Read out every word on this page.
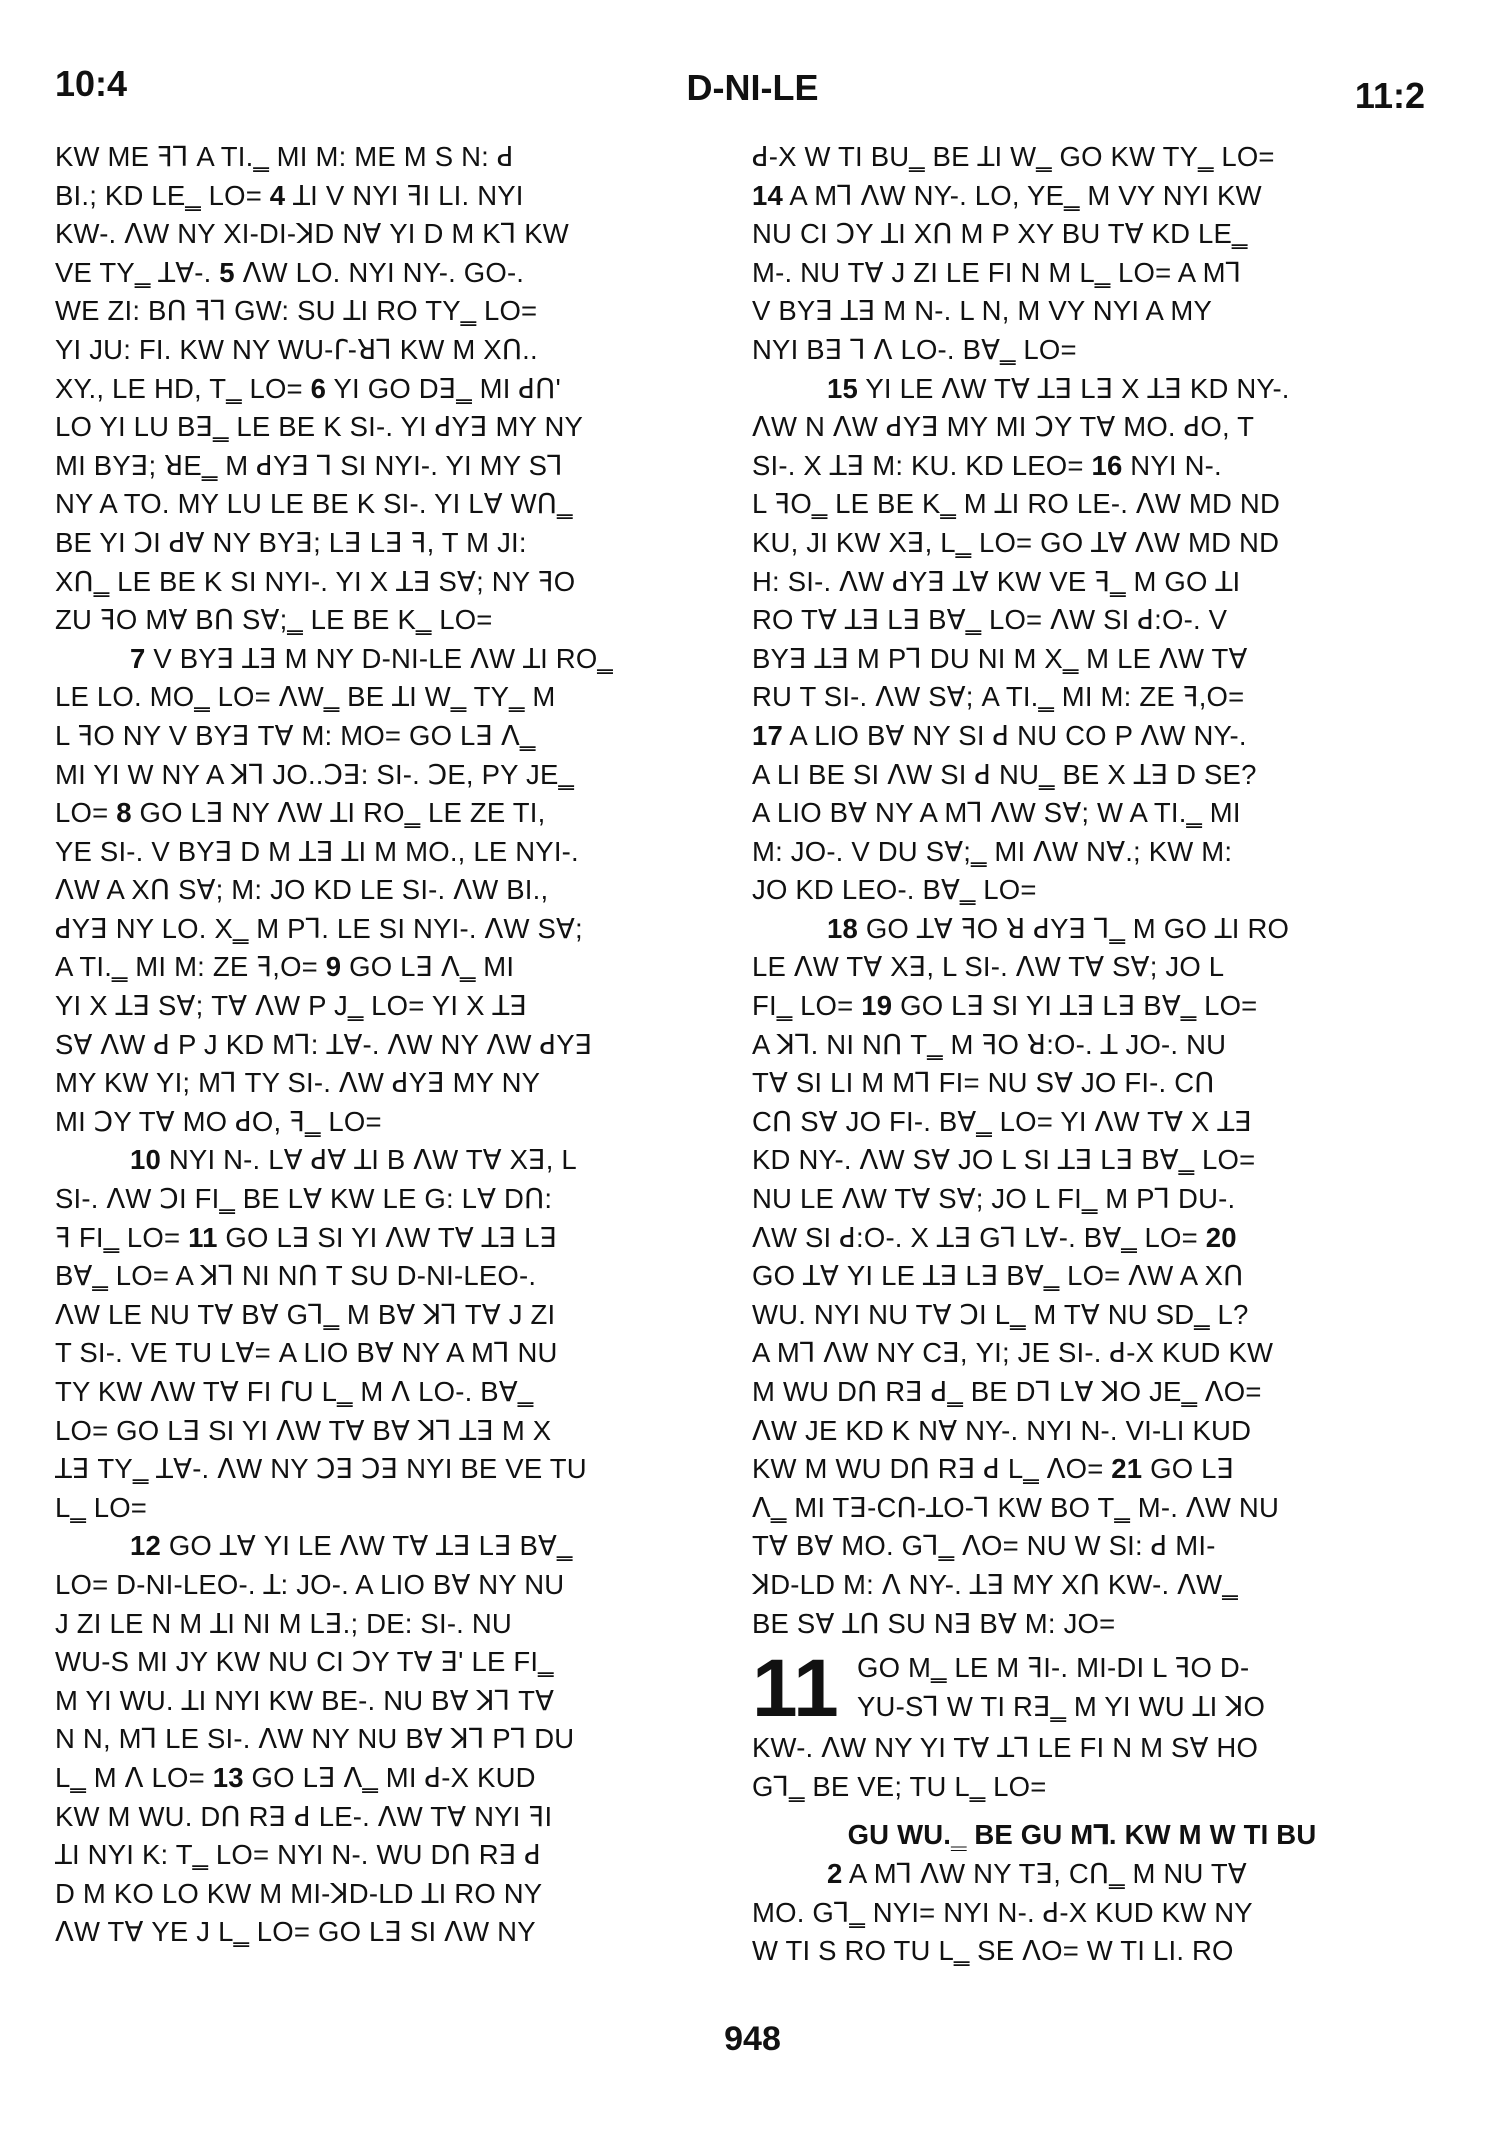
10:4	D-NI-LE	11:2
KW ME ꟻꓶ A TI.‗ MI M: ME M S N: ꓒ
BI.; KD LE‗ LO= 4 ꓕI V NYI ꟻI LI. NYI
KW-. ꓥW NY XI-DI-ꓘD Nꓯ YI D M Kꓶ KW
VE TY‗ ꓕꓯ-. 5 ꓥW LO. NYI NY-. GO-.
WE ZI: Bꓵ ꟻꓶ GW: SU ꓕI RO TY‗ LO=
YI JU: FI. KW NY WU-ꓩ-ꓤꓶ KW M Xꓵ..
XY., LE HD, T‗ LO= 6 YI GO Dꓱ‗ MI ꓒꓵ'
LO YI LU Bꓱ‗ LE BE K SI-. YI ꓒYꓱ MY NY
MI BYꓱ; ꓤE‗ M ꓒYꓱ ꓶ SI NYI-. YI MY Sꓶ
NY A TO. MY LU LE BE K SI-. YI Lꓯ Wꓵ‗
BE YI ꓛI ꓒꓯ NY BYꓱ; Lꓱ Lꓱ ꟻ, T M JI:
Xꓵ‗ LE BE K SI NYI-. YI X ꓕꓱ Sꓯ; NY ꟻO
ZU ꟻO Mꓯ Bꓵ Sꓯ;‗ LE BE K‗ LO=
7 V BYꓱ ꓕꓱ M NY D-NI-LE ꓥW ꓕI RO‗
LE LO. MO‗ LO= ꓥW‗ BE ꓕI W‗ TY‗ M
L ꟻO NY V BYꓱ Tꓯ M: MO= GO Lꓱ ꓥ‗
MI YI W NY A ꓘꓶ JO..ꓛꓱ: SI-. ꓛE, PY JE‗
LO= 8 GO Lꓱ NY ꓥW ꓕI RO‗ LE ZE TI,
YE SI-. V BYꓱ D M ꓕꓱ ꓕI M MO., LE NYI-.
ꓥW A Xꓵ Sꓯ; M: JO KD LE SI-. ꓥW BI.,
ꓒYꓱ NY LO. X‗ M Pꓶ. LE SI NYI-. ꓥW Sꓯ;
A TI.‗ MI M: ZE ꟻ,O= 9 GO Lꓱ ꓥ‗ MI
YI X ꓕꓱ Sꓯ; Tꓯ ꓥW P J‗ LO= YI X ꓕꓱ
Sꓯ ꓥW ꓒ P J KD Mꓶ: ꓕꓯ-. ꓥW NY ꓥW ꓒYꓱ
MY KW YI; Mꓶ TY SI-. ꓥW ꓒYꓱ MY NY
MI ꓛY Tꓯ MO ꓒO, ꟻ‗ LO=
10 NYI N-. Lꓯ ꓒꓯ ꓕI B ꓥW Tꓯ Xꓱ, L
SI-. ꓥW ꓛI FI‗ BE Lꓯ KW LE G: Lꓯ Dꓵ:
ꟻ FI‗ LO= 11 GO Lꓱ SI YI ꓥW Tꓯ ꓕꓱ Lꓱ
Bꓯ‗ LO= A ꓘꓶ NI Nꓵ T SU D-NI-LEO-.
ꓥW LE NU Tꓯ Bꓯ Gꓶ‗ M Bꓯ ꓘꓶ Tꓯ J ZI
T SI-. VE TU Lꓯ= A LIO Bꓯ NY A Mꓶ NU
TY KW ꓥW Tꓯ FI ꓩU L‗ M ꓥ LO-. Bꓯ‗
LO= GO Lꓱ SI YI ꓥW Tꓯ Bꓯ ꓘꓶ ꓕꓱ M X
ꓕꓱ TY‗ ꓕꓯ-. ꓥW NY ꓛꓱ ꓛꓱ NYI BE VE TU
L‗ LO=
12 GO ꓕꓯ YI LE ꓥW Tꓯ ꓕꓱ Lꓱ Bꓯ‗
LO= D-NI-LEO-. ꓕ: JO-. A LIO Bꓯ NY NU
J ZI LE N M ꓕI NI M Lꓱ.; DE: SI-. NU
WU-S MI JY KW NU CI ꓛY Tꓯ ꓱ' LE FI‗
M YI WU. ꓕI NYI KW BE-. NU Bꓯ ꓘꓶ Tꓯ
N N, Mꓶ LE SI-. ꓥW NY NU Bꓯ ꓘꓶ Pꓶ DU
L‗ M ꓥ LO= 13 GO Lꓱ ꓥ‗ MI ꓒ-X KUD
KW M WU. Dꓵ Rꓱ ꓒ LE-. ꓥW Tꓯ NYI ꟻI
ꓕI NYI K: T‗ LO= NYI N-. WU Dꓵ Rꓱ ꓒ
D M KO LO KW M MI-ꓘD-LD ꓕI RO NY
ꓥW Tꓯ YE J L‗ LO= GO Lꓱ SI ꓥW NY
ꓒ-X W TI BU‗ BE ꓕI W‗ GO KW TY‗ LO=
14 A Mꓶ ꓥW NY-. LO, YE‗ M VY NYI KW
NU CI ꓛY ꓕI Xꓵ M P XY BU Tꓯ KD LE‗
M-. NU Tꓯ J ZI LE FI N M L‗ LO= A Mꓶ
V BYꓱ ꓕꓱ M N-. L N, M VY NYI A MY
NYI Bꓱ ꓶ ꓥ LO-. Bꓯ‗ LO=
15 YI LE ꓥW Tꓯ ꓕꓱ Lꓱ X ꓕꓱ KD NY-.
ꓥW N ꓥW ꓒYꓱ MY MI ꓛY Tꓯ MO. ꓒO, T
SI-. X ꓕꓱ M: KU. KD LEO= 16 NYI N-.
L ꟻO‗ LE BE K‗ M ꓕI RO LE-. ꓥW MD ND
KU, JI KW Xꓱ, L‗ LO= GO ꓕꓯ ꓥW MD ND
H: SI-. ꓥW ꓒYꓱ ꓕꓯ KW VE ꟻ‗ M GO ꓕI
RO Tꓯ ꓕꓱ Lꓱ Bꓯ‗ LO= ꓥW SI ꓒ:O-. V
BYꓱ ꓕꓱ M Pꓶ DU NI M X‗ M LE ꓥW Tꓯ
RU T SI-. ꓥW Sꓯ; A TI.‗ MI M: ZE ꟻ,O=
17 A LIO Bꓯ NY SI ꓒ NU CO P ꓥW NY-.
A LI BE SI ꓥW SI ꓒ NU‗ BE X ꓕꓱ D SE?
A LIO Bꓯ NY A Mꓶ ꓥW Sꓯ; W A TI.‗ MI
M: JO-. V DU Sꓯ;‗ MI ꓥW Nꓯ.; KW M:
JO KD LEO-. Bꓯ‗ LO=
18 GO ꓕꓯ ꟻO ꓤ ꓒYꓱ ꓶ‗ M GO ꓕI RO
LE ꓥW Tꓯ Xꓱ, L SI-. ꓥW Tꓯ Sꓯ; JO L
FI‗ LO= 19 GO Lꓱ SI YI ꓕꓱ Lꓱ Bꓯ‗ LO=
A ꓘꓶ. NI Nꓵ T‗ M ꟻO ꓤ:O-. ꓕ JO-. NU
Tꓯ SI LI M Mꓶ FI= NU Sꓯ JO FI-. Cꓵ
Cꓵ Sꓯ JO FI-. Bꓯ‗ LO= YI ꓥW Tꓯ X ꓕꓱ
KD NY-. ꓥW Sꓯ JO L SI ꓕꓱ Lꓱ Bꓯ‗ LO=
NU LE ꓥW Tꓯ Sꓯ; JO L FI‗ M Pꓶ DU-.
ꓥW SI ꓒ:O-. X ꓕꓱ Gꓶ Lꓯ-. Bꓯ‗ LO= 20
GO ꓕꓯ YI LE ꓕꓱ Lꓱ Bꓯ‗ LO= ꓥW A Xꓵ
WU. NYI NU Tꓯ ꓛI L‗ M Tꓯ NU SD‗ L?
A Mꓶ ꓥW NY Cꓱ, YI; JE SI-. ꓒ-X KUD KW
M WU Dꓵ Rꓱ ꓒ‗ BE Dꓶ Lꓯ ꓘO JE‗ ꓥO=
ꓥW JE KD K Nꓯ NY-. NYI N-. VI-LI KUD
KW M WU Dꓵ Rꓱ ꓒ L‗ ꓥO= 21 GO Lꓱ
ꓥ‗ MI Tꓱ-Cꓵ-ꓕO-ꓶ KW BO T‗ M-. ꓥW NU
Tꓯ Bꓯ MO. Gꓶ‗ ꓥO= NU W SI: ꓒ MI-
ꓘD-LD M: ꓥ NY-. ꓕꓱ MY Xꓵ KW-. ꓥW‗
BE Sꓯ ꓕꓵ SU Nꓱ Bꓯ M: JO=
11 GO M‗ LE M ꟻI-. MI-DI L ꟻO D-
YU-Sꓶ W TI Rꓱ‗ M YI WU ꓕI ꓘO
KW-. ꓥW NY YI Tꓯ ꓕꓶ LE FI N M Sꓯ HO
Gꓶ‗ BE VE; TU L‗ LO=
GU WU.‗ BE GU Mꓶ. KW M W TI BU
2 A Mꓶ ꓥW NY Tꓱ, Cꓵ‗ M NU Tꓯ
MO. Gꓶ‗ NYI= NYI N-. ꓒ-X KUD KW NY
W TI S RO TU L‗ SE ꓥO= W TI LI. RO
948
